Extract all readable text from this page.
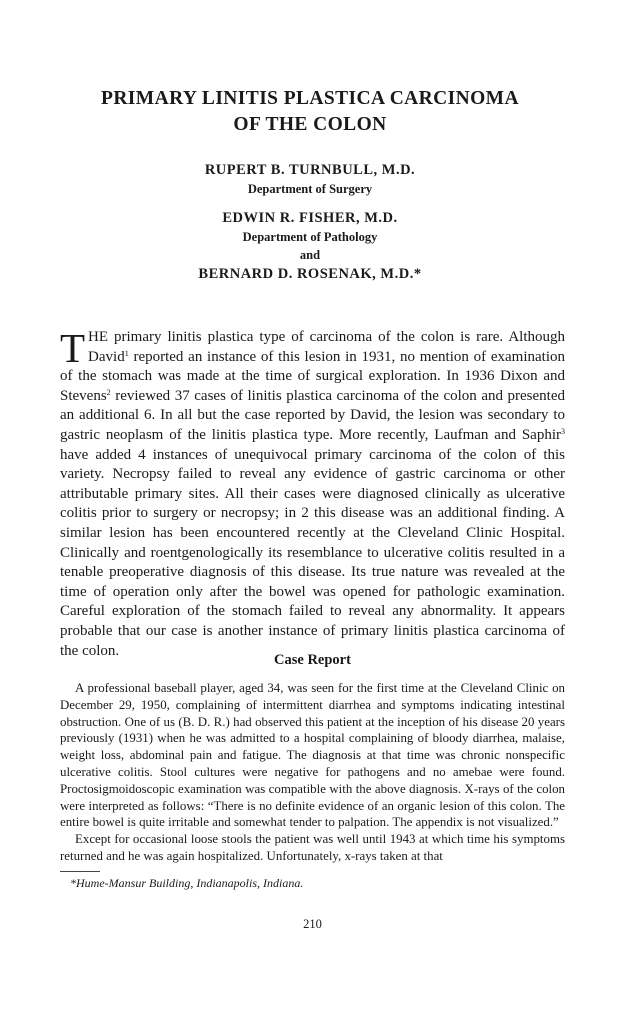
PRIMARY LINITIS PLASTICA CARCINOMA
OF THE COLON
RUPERT B. TURNBULL, M.D.
Department of Surgery
EDWIN R. FISHER, M.D.
Department of Pathology
and
BERNARD D. ROSENAK, M.D.*
THE primary linitis plastica type of carcinoma of the colon is rare. Although David$^1$ reported an instance of this lesion in 1931, no mention of examination of the stomach was made at the time of surgical exploration. In 1936 Dixon and Stevens$^2$ reviewed 37 cases of linitis plastica carcinoma of the colon and presented an additional 6. In all but the case reported by David, the lesion was secondary to gastric neoplasm of the linitis plastica type. More recently, Laufman and Saphir$^3$ have added 4 instances of unequivocal primary carcinoma of the colon of this variety. Necropsy failed to reveal any evidence of gastric carcinoma or other attributable primary sites. All their cases were diagnosed clinically as ulcerative colitis prior to surgery or necropsy; in 2 this disease was an additional finding. A similar lesion has been encountered recently at the Cleveland Clinic Hospital. Clinically and roentgenologically its resemblance to ulcerative colitis resulted in a tenable preoperative diagnosis of this disease. Its true nature was revealed at the time of operation only after the bowel was opened for pathologic examination. Careful exploration of the stomach failed to reveal any abnormality. It appears probable that our case is another instance of primary linitis plastica carcinoma of the colon.
Case Report

A professional baseball player, aged 34, was seen for the first time at the Cleveland Clinic on December 29, 1950, complaining of intermittent diarrhea and symptoms indicating intestinal obstruction. One of us (B. D. R.) had observed this patient at the inception of his disease 20 years previously (1931) when he was admitted to a hospital complaining of bloody diarrhea, malaise, weight loss, abdominal pain and fatigue. The diagnosis at that time was chronic nonspecific ulcerative colitis. Stool cultures were negative for pathogens and no amebae were found. Proctosigmoidoscopic examination was compatible with the above diagnosis. X-rays of the colon were interpreted as follows: “There is no definite evidence of an organic lesion of this colon. The entire bowel is quite irritable and somewhat tender to palpation. The appendix is not visualized.”

Except for occasional loose stools the patient was well until 1943 at which time his symptoms returned and he was again hospitalized. Unfortunately, x-rays taken at that

*Hume-Mansur Building, Indianapolis, Indiana.
210
